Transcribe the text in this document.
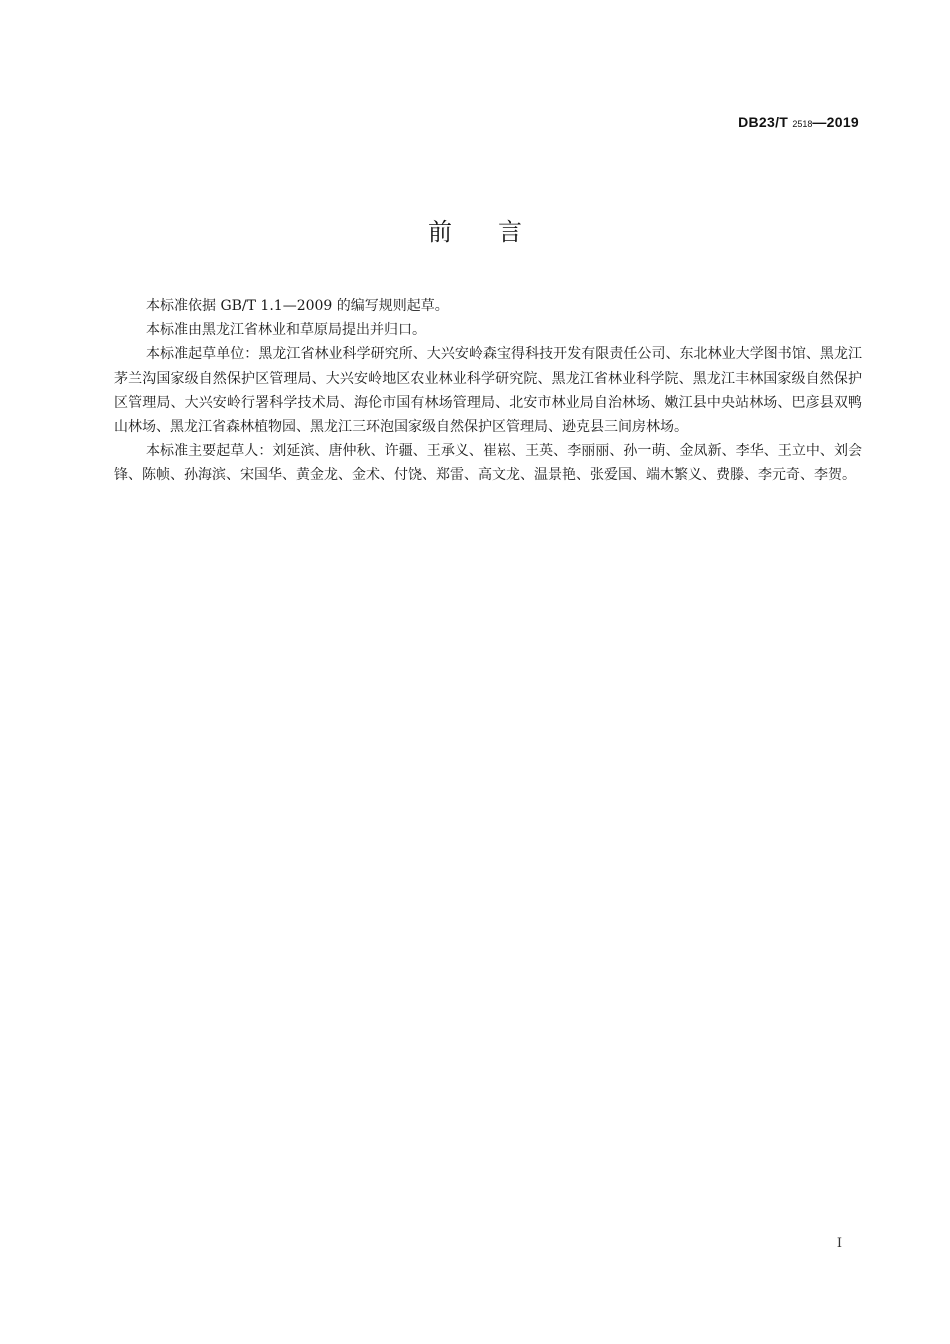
DB23/T 2518—2019
前 言

本标准依据 GB/T 1.1—2009 的编写规则起草。

本标准由黑龙江省林业和草原局提出并归口。

本标准起草单位：黑龙江省林业科学研究所、大兴安岭森宝得科技开发有限责任公司、东北林业大学图书馆、黑龙江茅兰沟国家级自然保护区管理局、大兴安岭地区农业林业科学研究院、黑龙江省林业科学院、黑龙江丰林国家级自然保护区管理局、大兴安岭行署科学技术局、海伦市国有林场管理局、北安市林业局自治林场、嫩江县中央站林场、巴彦县双鸭山林场、黑龙江省森林植物园、黑龙江三环泡国家级自然保护区管理局、逊克县三间房林场。

本标准主要起草人：刘延滨、唐仲秋、许疆、王承义、崔崧、王英、李丽丽、孙一萌、金凤新、李华、王立中、刘会锋、陈帧、孙海滨、宋国华、黄金龙、金术、付饶、郑雷、高文龙、温景艳、张爱国、端木繁义、费滕、李元奇、李贺。

I
